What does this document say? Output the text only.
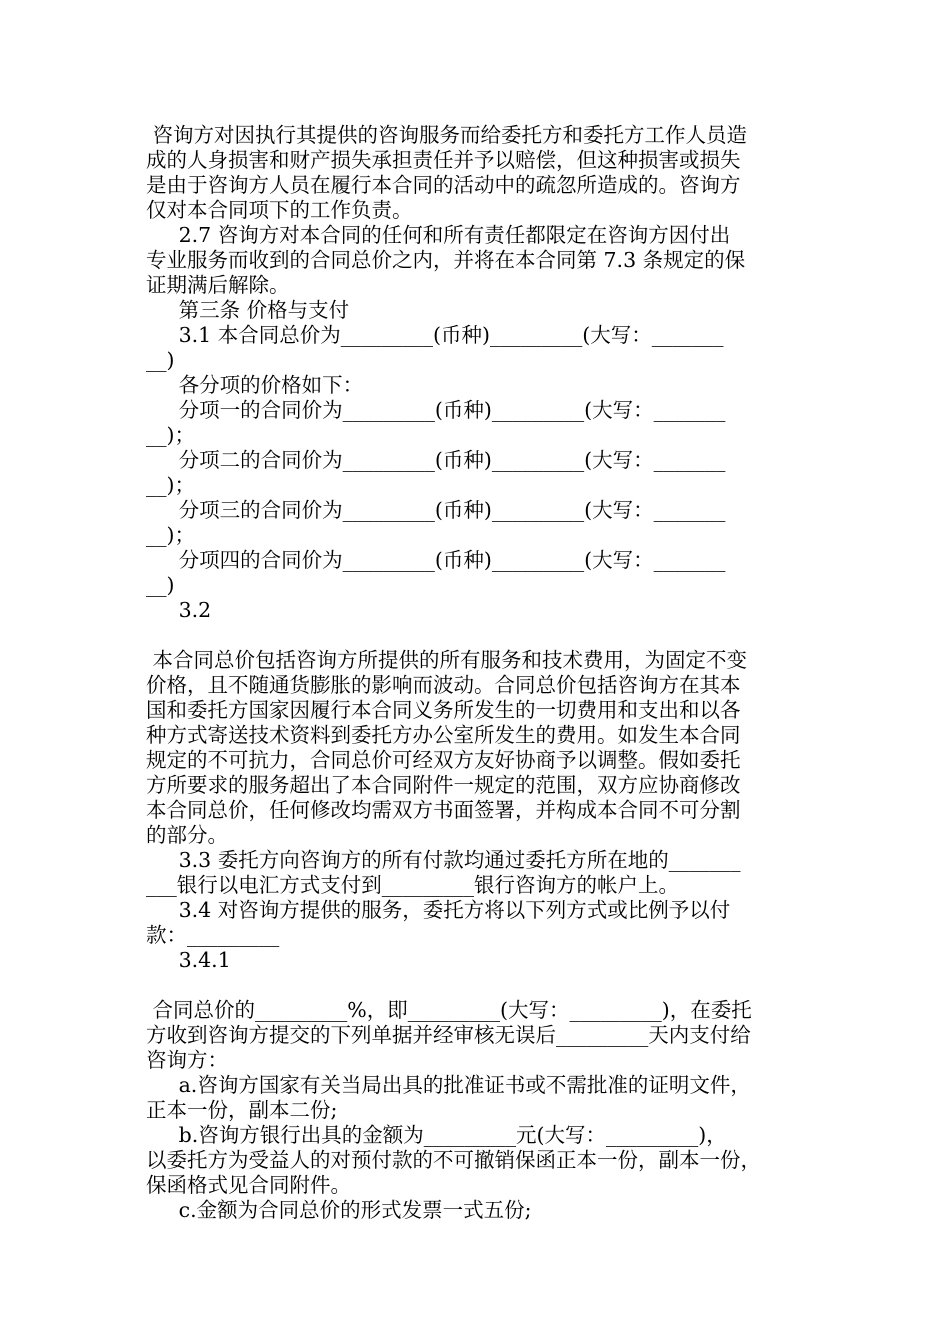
咨询方对因执行其提供的咨询服务而给委托方和委托方工作人员造

成的人身损害和财产损失承担责任并予以赔偿，但这种损害或损失

是由于咨询方人员在履行本合同的活动中的疏忽所造成的。咨询方

仅对本合同项下的工作负责。

2.7 咨询方对本合同的任何和所有责任都限定在咨询方因付出

专业服务而收到的合同总价之内，并将在本合同第 7.3 条规定的保

证期满后解除。

第三条 价格与支付

3.1 本合同总价为_________(币种)_________(大写：_______

__)

各分项的价格如下：

分项一的合同价为_________(币种)_________(大写：_______

__)；

分项二的合同价为_________(币种)_________(大写：_______

__)；

分项三的合同价为_________(币种)_________(大写：_______

__)；

分项四的合同价为_________(币种)_________(大写：_______

__)

3.2

本合同总价包括咨询方所提供的所有服务和技术费用，为固定不变

价格，且不随通货膨胀的影响而波动。合同总价包括咨询方在其本

国和委托方国家因履行本合同义务所发生的一切费用和支出和以各

种方式寄送技术资料到委托方办公室所发生的费用。如发生本合同

规定的不可抗力，合同总价可经双方友好协商予以调整。假如委托

方所要求的服务超出了本合同附件一规定的范围，双方应协商修改

本合同总价，任何修改均需双方书面签署，并构成本合同不可分割

的部分。

3.3 委托方向咨询方的所有付款均通过委托方所在地的_______

___银行以电汇方式支付到_________银行咨询方的帐户上。

3.4 对咨询方提供的服务，委托方将以下列方式或比例予以付

款：_________

3.4.1

合同总价的_________%，即_________(大写：_________)，在委托

方收到咨询方提交的下列单据并经审核无误后_________天内支付给

咨询方：

a.咨询方国家有关当局出具的批准证书或不需批准的证明文件，

正本一份，副本二份;

b.咨询方银行出具的金额为_________元(大写：_________)，

以委托方为受益人的对预付款的不可撤销保函正本一份，副本一份，

保函格式见合同附件。

c.金额为合同总价的形式发票一式五份;
